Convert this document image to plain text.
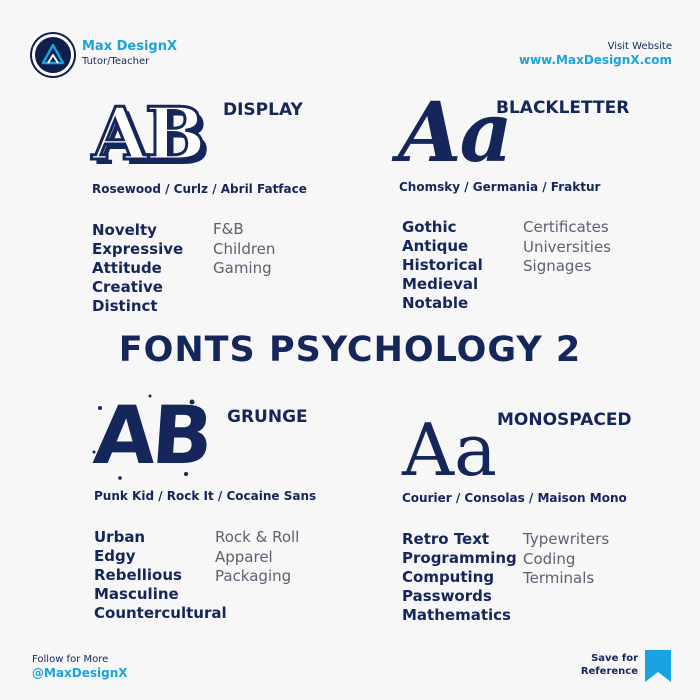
Max DesignX
Tutor/Teacher
Visit Website
www.MaxDesignX.com
AB DISPLAY
Rosewood / Curlz / Abril Fatface
Novelty
Expressive
Attitude
Creative
Distinct
F&B
Children
Gaming
Aa
BLACKLETTER
Chomsky / Germania / Fraktur
Gothic
Antique
Historical
Medieval
Notable
Certificates
Universities
Signages
FONTS PSYCHOLOGY 2
AB GRUNGE
Punk Kid / Rock It / Cocaine Sans
Urban
Edgy
Rebellious
Masculine
Countercultural
Rock & Roll
Apparel
Packaging
Aa MONOSPACED
Courier / Consolas / Maison Mono
Retro Text
Programming
Computing
Passwords
Mathematics
Typewriters
Coding
Terminals
Follow for More
@MaxDesignX
Save for
Reference
